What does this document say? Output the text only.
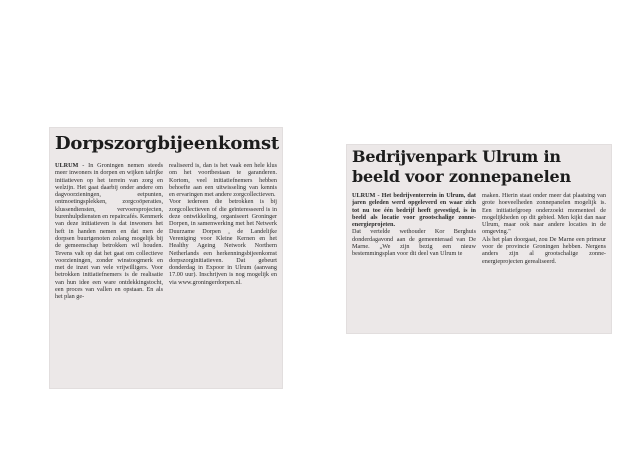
Dorpszorgbijeenkomst

ULRUM - In Groningen nemen steeds meer inwoners in dorpen en wijken talrijke initiatieven op het terrein van zorg en welzijn. Het gaat daarbij onder andere om dagvoorzieningen, eetpunten, ontmoetingsplekken, zorgcoöperaties, klussendiensten, vervoersprojecten, burenhulpdiensten en repaircafés. Kenmerk van deze initiatieven is dat inwoners het heft in handen nemen en dat men de dorpsen buurtgenoten zolang mogelijk bij de gemeenschap betrokken wil houden. Tevens valt op dat het gaat om collectieve voorzieningen, zonder winstoogmerk en met de inzet van vele vrijwilligers. Voor betrokken initiatiefnemers is de realisatie van hun idee een ware ontdekkingstocht, een proces van vallen en opstaan. En als het plan ge-

realiseerd is, dan is het vaak een hele klus om het voortbestaan te garanderen. Kortom, veel initiatiefnemers hebben behoefte aan een uitwisseling van kennis en ervaringen met andere zorgcollectieven.

Voor iedereen die betrokken is bij zorgcollectieven of die geïnteresseerd is in deze ontwikkeling, organiseert Groninger Dorpen, in samenwerking met het Netwerk Duurzame Dorpen , de Landelijke Vereniging voor Kleine Kernen en het Healthy Ageing Network Northern Netherlands een herkenningsbijeenkomst dorpszorginitiatieven. Dat gebeurt donderdag in Expoor in Ulrum (aanvang 17.00 uur). Inschrijven is nog mogelijk en via www.groningerdorpen.nl.

Bedrijvenpark Ulrum in beeld voor zonnepanelen

ULRUM - Het bedrijventerrein in Ulrum, dat jaren geleden werd opgeleverd en waar zich tot nu toe één bedrijf heeft gevestigd, is in beeld als locatie voor grootschalige zonne-energieprojeten.

Dat vertelde wethouder Kor Berghuis donderdagavond aan de gemeenteraad van De Marne. „We zijn bezig een nieuw bestemmingsplan voor dit deel van Ulrum te

maken. Hierin staat onder meer dat plaatsing van grote hoeveelheden zonnepanelen mogelijk is. Een initiatiefgroep onderzoekt momenteel de mogelijkheden op dit gebied. Men kijkt dan naar Ulrum, maar ook naar andere locaties in de omgeving."

Als het plan doorgaat, zou De Marne een primeur voor de provincie Groningen hebben. Nergens anders zijn al grootschalige zonne-energieprojecten gerealiseerd.
